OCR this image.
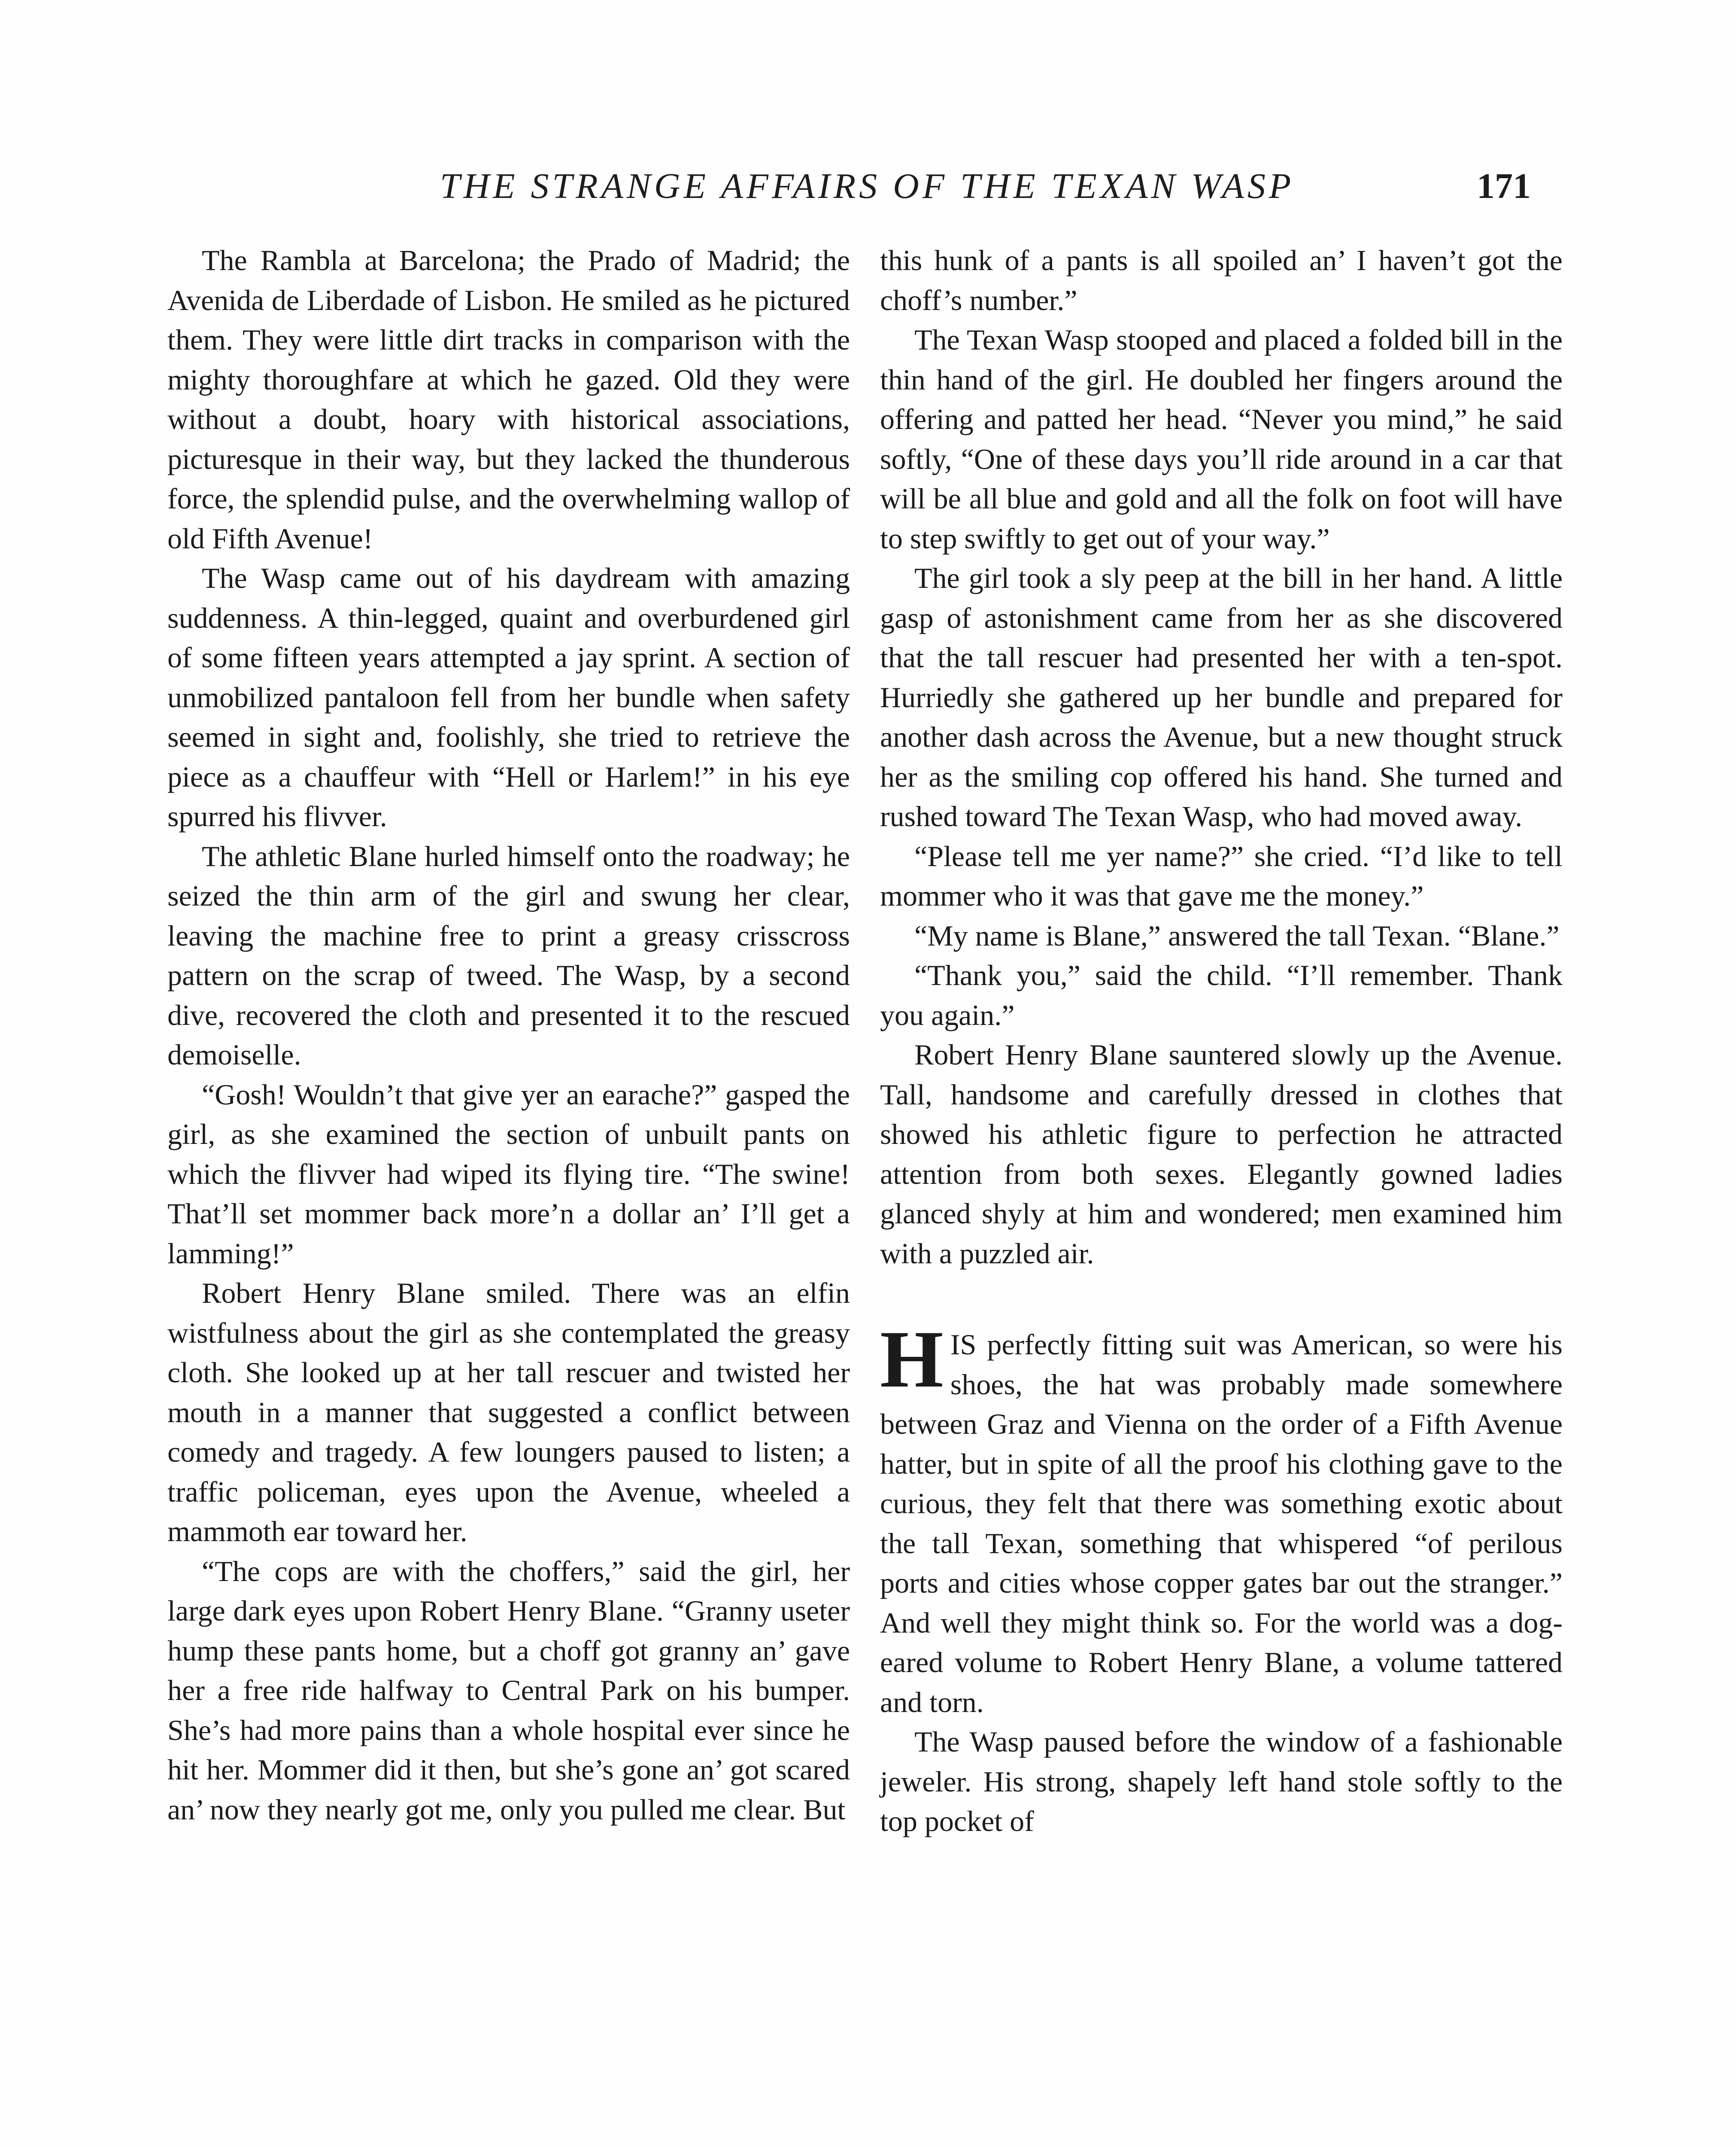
THE STRANGE AFFAIRS OF THE TEXAN WASP	171

The Rambla at Barcelona; the Prado of Madrid; the Avenida de Liberdade of Lisbon. He smiled as he pictured them. They were little dirt tracks in comparison with the mighty thoroughfare at which he gazed. Old they were without a doubt, hoary with historical associations, picturesque in their way, but they lacked the thunderous force, the splendid pulse, and the overwhelming wallop of old Fifth Avenue!

The Wasp came out of his daydream with amazing suddenness. A thin-legged, quaint and overburdened girl of some fifteen years attempted a jay sprint. A section of unmobilized pantaloon fell from her bundle when safety seemed in sight and, foolishly, she tried to retrieve the piece as a chauffeur with “Hell or Harlem!” in his eye spurred his flivver.

The athletic Blane hurled himself onto the roadway; he seized the thin arm of the girl and swung her clear, leaving the machine free to print a greasy crisscross pattern on the scrap of tweed. The Wasp, by a second dive, recovered the cloth and presented it to the rescued demoiselle.

“Gosh! Wouldn’t that give yer an earache?” gasped the girl, as she examined the section of unbuilt pants on which the flivver had wiped its flying tire. “The swine! That’ll set mommer back more’n a dollar an’ I’ll get a lamming!”

Robert Henry Blane smiled. There was an elfin wistfulness about the girl as she contemplated the greasy cloth. She looked up at her tall rescuer and twisted her mouth in a manner that suggested a conflict between comedy and tragedy. A few loungers paused to listen; a traffic policeman, eyes upon the Avenue, wheeled a mammoth ear toward her.

“The cops are with the choffers,” said the girl, her large dark eyes upon Robert Henry Blane. “Granny useter hump these pants home, but a choff got granny an’ gave her a free ride halfway to Central Park on his bumper. She’s had more pains than a whole hospital ever since he hit her. Mommer did it then, but she’s gone an’ got scared an’ now they nearly got me, only you pulled me clear. But

this hunk of a pants is all spoiled an’ I haven’t got the choff’s number.”

The Texan Wasp stooped and placed a folded bill in the thin hand of the girl. He doubled her fingers around the offering and patted her head. “Never you mind,” he said softly, “One of these days you’ll ride around in a car that will be all blue and gold and all the folk on foot will have to step swiftly to get out of your way.”

The girl took a sly peep at the bill in her hand. A little gasp of astonishment came from her as she discovered that the tall rescuer had presented her with a ten-spot. Hurriedly she gathered up her bundle and prepared for another dash across the Avenue, but a new thought struck her as the smiling cop offered his hand. She turned and rushed toward The Texan Wasp, who had moved away.

“Please tell me yer name?” she cried. “I’d like to tell mommer who it was that gave me the money.”

“My name is Blane,” answered the tall Texan. “Blane.”

“Thank you,” said the child. “I’ll remember. Thank you again.”

Robert Henry Blane sauntered slowly up the Avenue. Tall, handsome and carefully dressed in clothes that showed his athletic figure to perfection he attracted attention from both sexes. Elegantly gowned ladies glanced shyly at him and wondered; men examined him with a puzzled air.

HIS perfectly fitting suit was American, so were his shoes, the hat was probably made somewhere between Graz and Vienna on the order of a Fifth Avenue hatter, but in spite of all the proof his clothing gave to the curious, they felt that there was something exotic about the tall Texan, something that whispered “of perilous ports and cities whose copper gates bar out the stranger.” And well they might think so. For the world was a dog-eared volume to Robert Henry Blane, a volume tattered and torn.

The Wasp paused before the window of a fashionable jeweler. His strong, shapely left hand stole softly to the top pocket of
